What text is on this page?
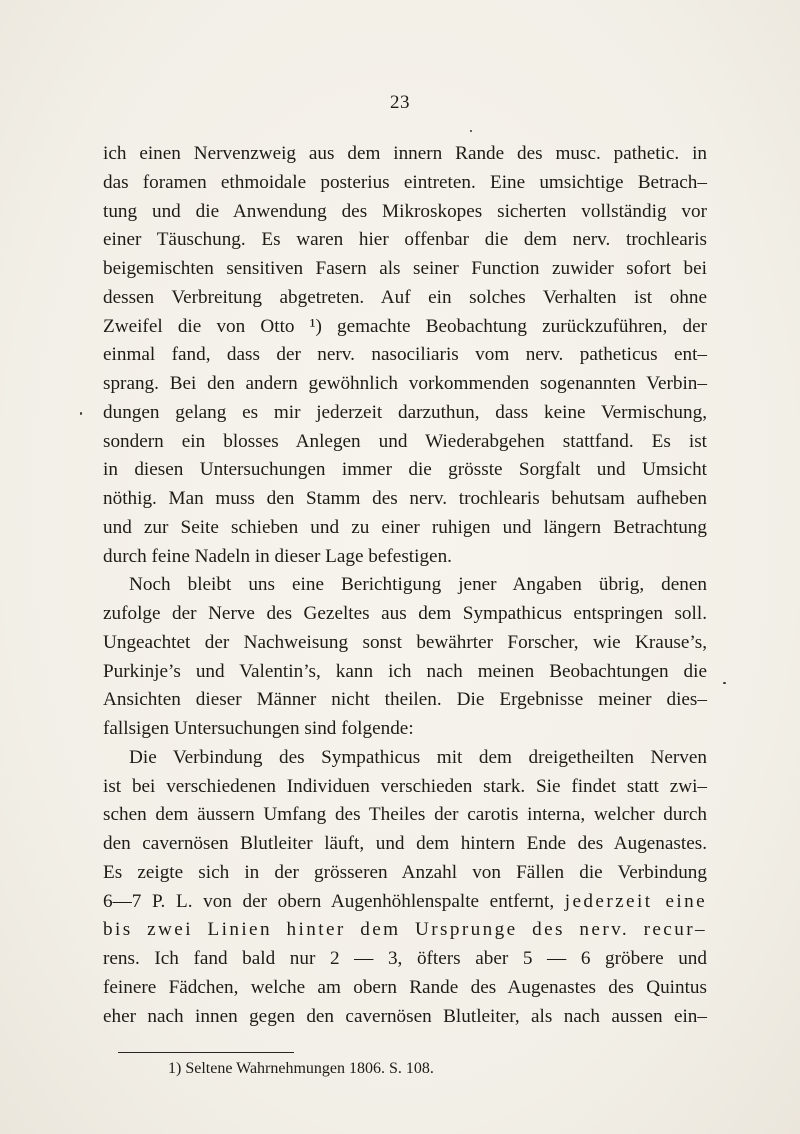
23
ich einen Nervenzweig aus dem innern Rande des musc. pathetic. in
das foramen ethmoidale posterius eintreten. Eine umsichtige Betrach–
tung und die Anwendung des Mikroskopes sicherten vollständig vor
einer Täuschung. Es waren hier offenbar die dem nerv. trochlearis
beigemischten sensitiven Fasern als seiner Function zuwider sofort bei
dessen Verbreitung abgetreten. Auf ein solches Verhalten ist ohne
Zweifel die von Otto ¹) gemachte Beobachtung zurückzuführen, der
einmal fand, dass der nerv. nasociliaris vom nerv. patheticus ent–
sprang. Bei den andern gewöhnlich vorkommenden sogenannten Verbin–
dungen gelang es mir jederzeit darzuthun, dass keine Vermischung,
sondern ein blosses Anlegen und Wiederabgehen stattfand. Es ist
in diesen Untersuchungen immer die grösste Sorgfalt und Umsicht
nöthig. Man muss den Stamm des nerv. trochlearis behutsam aufheben
und zur Seite schieben und zu einer ruhigen und längern Betrachtung
durch feine Nadeln in dieser Lage befestigen.
Noch bleibt uns eine Berichtigung jener Angaben übrig, denen
zufolge der Nerve des Gezeltes aus dem Sympathicus entspringen soll.
Ungeachtet der Nachweisung sonst bewährter Forscher, wie Krause’s,
Purkinje’s und Valentin’s, kann ich nach meinen Beobachtungen die
Ansichten dieser Männer nicht theilen. Die Ergebnisse meiner dies–
fallsigen Untersuchungen sind folgende:
Die Verbindung des Sympathicus mit dem dreigetheilten Nerven
ist bei verschiedenen Individuen verschieden stark. Sie findet statt zwi–
schen dem äussern Umfang des Theiles der carotis interna, welcher durch
den cavernösen Blutleiter läuft, und dem hintern Ende des Augenastes.
Es zeigte sich in der grösseren Anzahl von Fällen die Verbindung
6—7 P. L. von der obern Augenhöhlenspalte entfernt, jederzeit eine
bis zwei Linien hinter dem Ursprunge des nerv. recur–
rens. Ich fand bald nur 2 — 3, öfters aber 5 — 6 gröbere und
feinere Fädchen, welche am obern Rande des Augenastes des Quintus
eher nach innen gegen den cavernösen Blutleiter, als nach aussen ein–
1) Seltene Wahrnehmungen 1806. S. 108.
